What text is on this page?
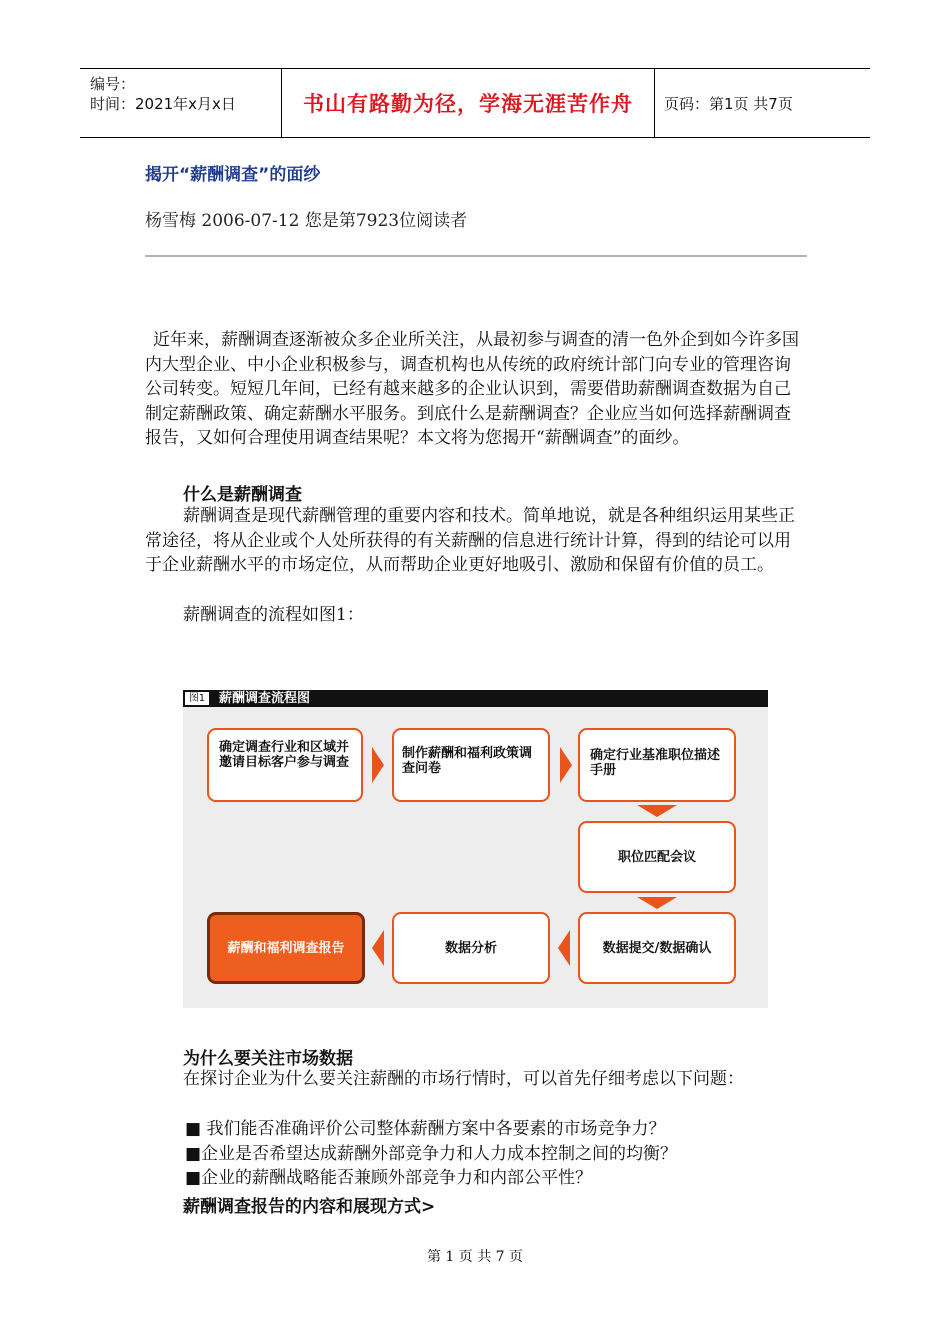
编号：
时间：2021年x月x日	书山有路勤为径，学海无涯苦作舟 页码：第1页 共7页
揭开“薪酬调查”的面纱
杨雪梅 2006-07-12 您是第7923位阅读者

近年来，薪酬调查逐渐被众多企业所关注，从最初参与调查的清一色外企到如今许多国内大型企业、中小企业积极参与，调查机构也从传统的政府统计部门向专业的管理咨询公司转变。短短几年间，已经有越来越多的企业认识到，需要借助薪酬调查数据为自己制定薪酬政策、确定薪酬水平服务。到底什么是薪酬调查？企业应当如何选择薪酬调查报告，又如何合理使用调查结果呢？本文将为您揭开“薪酬调查”的面纱。

什么是薪酬调查

薪酬调查是现代薪酬管理的重要内容和技术。简单地说，就是各种组织运用某些正常途径，将从企业或个人处所获得的有关薪酬的信息进行统计计算，得到的结论可以用于企业薪酬水平的市场定位，从而帮助企业更好地吸引、激励和保留有价值的员工。

薪酬调查的流程如图1：

图1 薪酬调查流程图
确定调查行业和区域并邀请目标客户参与调查
制作薪酬和福利政策调查问卷
确定行业基准职位描述手册
职位匹配会议
数据提交/数据确认
数据分析
薪酬和福利调查报告
为什么要关注市场数据

在探讨企业为什么要关注薪酬的市场行情时，可以首先仔细考虑以下问题：

■ 我们能否准确评价公司整体薪酬方案中各要素的市场竞争力？
■企业是否希望达成薪酬外部竞争力和人力成本控制之间的均衡？
■企业的薪酬战略能否兼顾外部竞争力和内部公平性？
薪酬调查报告的内容和展现方式>
第 1 页 共 7 页
